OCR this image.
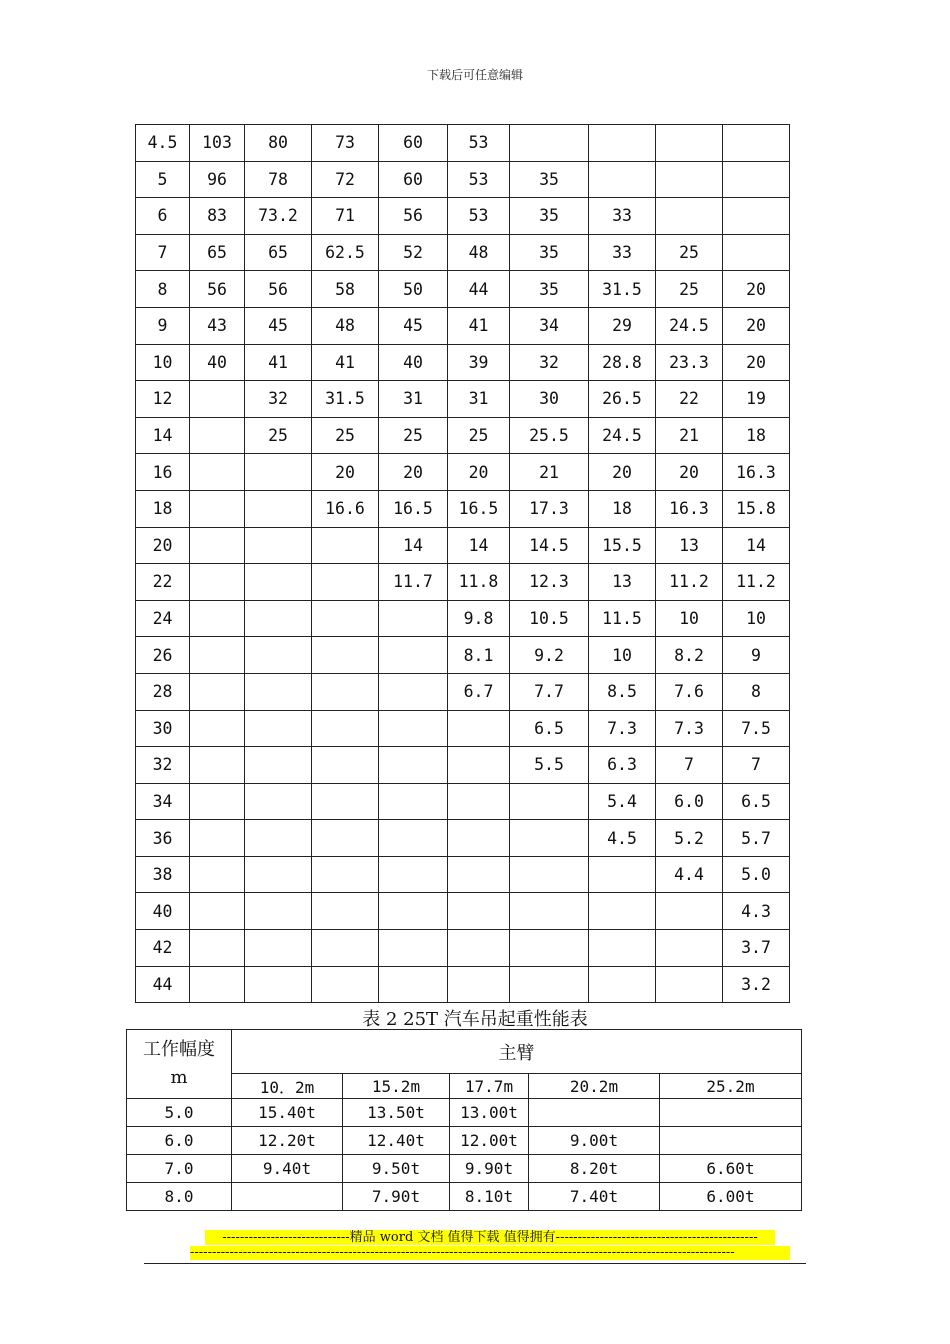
下载后可任意编辑
4.5	103	80	73	60	53				
5	96	78	72	60	53	35			
6	83	73.2	71	56	53	35	33		
7	65	65	62.5	52	48	35	33	25	
8	56	56	58	50	44	35	31.5	25	20
9	43	45	48	45	41	34	29	24.5	20
10	40	41	41	40	39	32	28.8	23.3	20
12		32	31.5	31	31	30	26.5	22	19
14		25	25	25	25	25.5	24.5	21	18
16			20	20	20	21	20	20	16.3
18			16.6	16.5	16.5	17.3	18	16.3	15.8
20				14	14	14.5	15.5	13	14
22				11.7	11.8	12.3	13	11.2	11.2
24					9.8	10.5	11.5	10	10
26					8.1	9.2	10	8.2	9
28					6.7	7.7	8.5	7.6	8
30						6.5	7.3	7.3	7.5
32						5.5	6.3	7	7
34							5.4	6.0	6.5
36							4.5	5.2	5.7
38								4.4	5.0
40									4.3
42									3.7
44									3.2
表 2 25T 汽车吊起重性能表
工作幅度
m	主臂				
	10．2m	15.2m	17.7m	20.2m	25.2m
5.0	15.40t	13.50t	13.00t		
6.0	12.20t	12.40t	12.00t	9.00t	
7.0	9.40t	9.50t	9.90t	8.20t	6.60t
8.0		7.90t	8.10t	7.40t	6.00t
-----------------------------精品 word 文档 值得下载 值得拥有----------------------------------------------
----------------------------------------------------------------------------------------------------------------------------
